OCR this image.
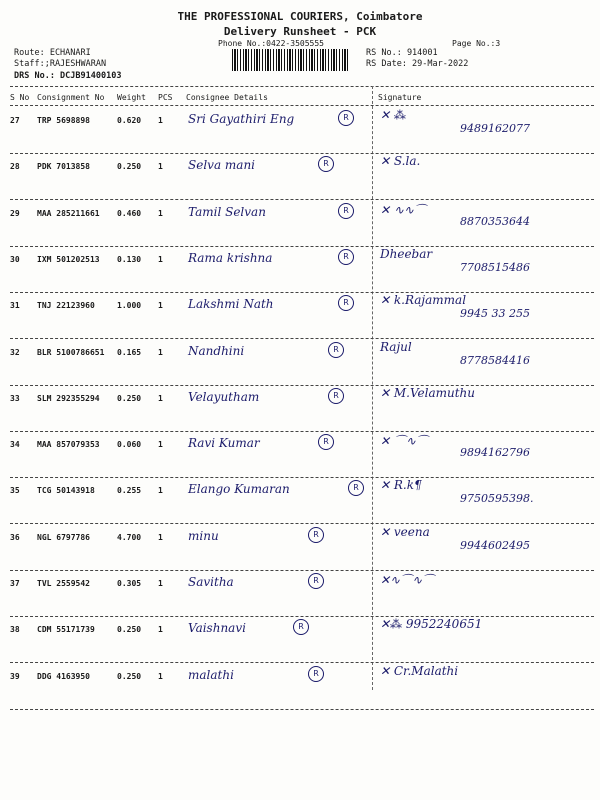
THE PROFESSIONAL COURIERS, Coimbatore
Delivery Runsheet - PCK
Phone No.:0422-3505555	Page No.:3
Route: ECHANARI
Staff:;RAJESHWARAN
DRS No.: DCJB91400103
RS No.: 914001
RS Date: 29-Mar-2022
S No Consignment No Weight PCS Consignee Details	Signature
27 TRP 5698898	0.620 1 Sri Gayathiri Eng	R	✕ ⁂
9489162077
28 PDK 7013858	0.250 1 Selva mani	R	✕ S.la.
29 MAA 285211661 0.460 1 Tamil Selvan	R	✕ ∿∿⌒
8870353644
30 IXM 501202513 0.130 1 Rama krishna	R	Dheebar
7708515486
31 TNJ 22123960	1.000 1 Lakshmi Nath	R	✕ k.Rajammal
9945 33 255
32 BLR 5100786651 0.165 1 Nandhini	R	Rajul
8778584416
33 SLM 292355294 0.250 1 Velayutham	R	✕ M.Velamuthu
34 MAA 857079353 0.060 1 Ravi Kumar	R	✕ ⌒∿⌒
9894162796
35 TCG 50143918	0.255 1 Elango Kumaran	R	✕ R.k¶
9750595398.
36 NGL 6797786	4.700 1 minu	R	✕ veena
9944602495
37 TVL 2559542	0.305 1 Savitha	R	✕∿⌒∿⌒
38 CDM 55171739	0.250 1 Vaishnavi	R	✕⁂ 9952240651
39 DDG 4163950	0.250 1 malathi	R	✕ Cr.Malathi
